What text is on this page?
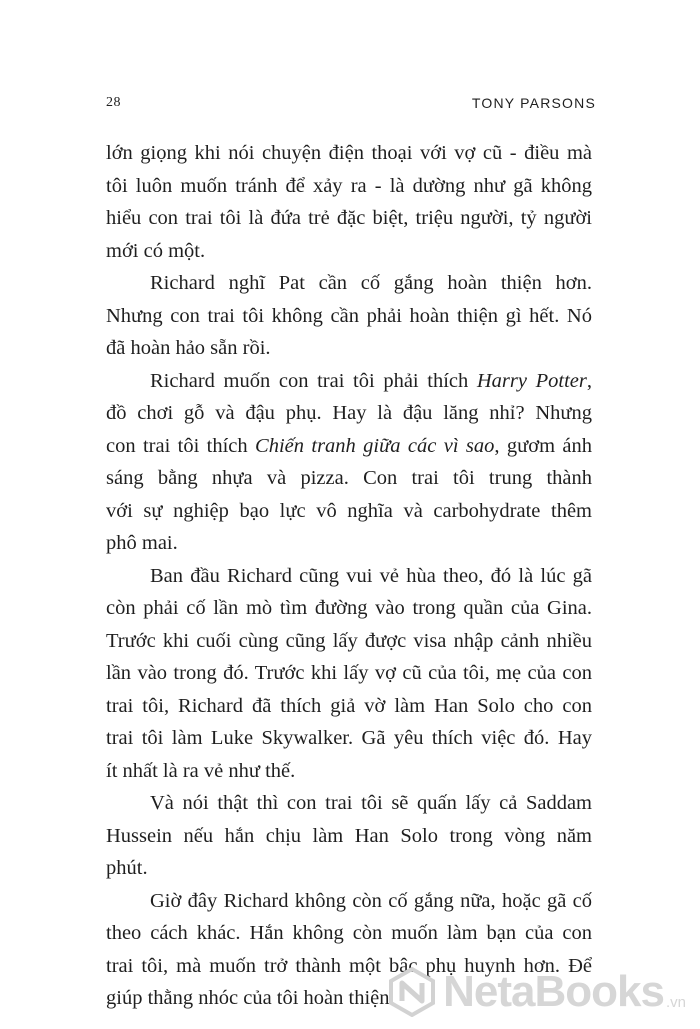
28	TONY PARSONS
lớn giọng khi nói chuyện điện thoại với vợ cũ - điều mà
tôi luôn muốn tránh để xảy ra - là dường như gã không
hiểu con trai tôi là đứa trẻ đặc biệt, triệu người, tỷ người
mới có một.
Richard nghĩ Pat cần cố gắng hoàn thiện hơn.
Nhưng con trai tôi không cần phải hoàn thiện gì hết. Nó
đã hoàn hảo sẵn rồi.
Richard muốn con trai tôi phải thích Harry Potter,
đồ chơi gỗ và đậu phụ. Hay là đậu lăng nhỉ? Nhưng
con trai tôi thích Chiến tranh giữa các vì sao, gươm ánh
sáng bằng nhựa và pizza. Con trai tôi trung thành
với sự nghiệp bạo lực vô nghĩa và carbohydrate thêm
phô mai.
Ban đầu Richard cũng vui vẻ hùa theo, đó là lúc gã
còn phải cố lần mò tìm đường vào trong quần của Gina.
Trước khi cuối cùng cũng lấy được visa nhập cảnh nhiều
lần vào trong đó. Trước khi lấy vợ cũ của tôi, mẹ của con
trai tôi, Richard đã thích giả vờ làm Han Solo cho con
trai tôi làm Luke Skywalker. Gã yêu thích việc đó. Hay
ít nhất là ra vẻ như thế.
Và nói thật thì con trai tôi sẽ quấn lấy cả Saddam
Hussein nếu hắn chịu làm Han Solo trong vòng năm
phút.
Giờ đây Richard không còn cố gắng nữa, hoặc gã cố
theo cách khác. Hắn không còn muốn làm bạn của con
trai tôi, mà muốn trở thành một bậc phụ huynh hơn. Để
giúp thằng nhóc của tôi hoàn thiện.	NetaBooks .vn
